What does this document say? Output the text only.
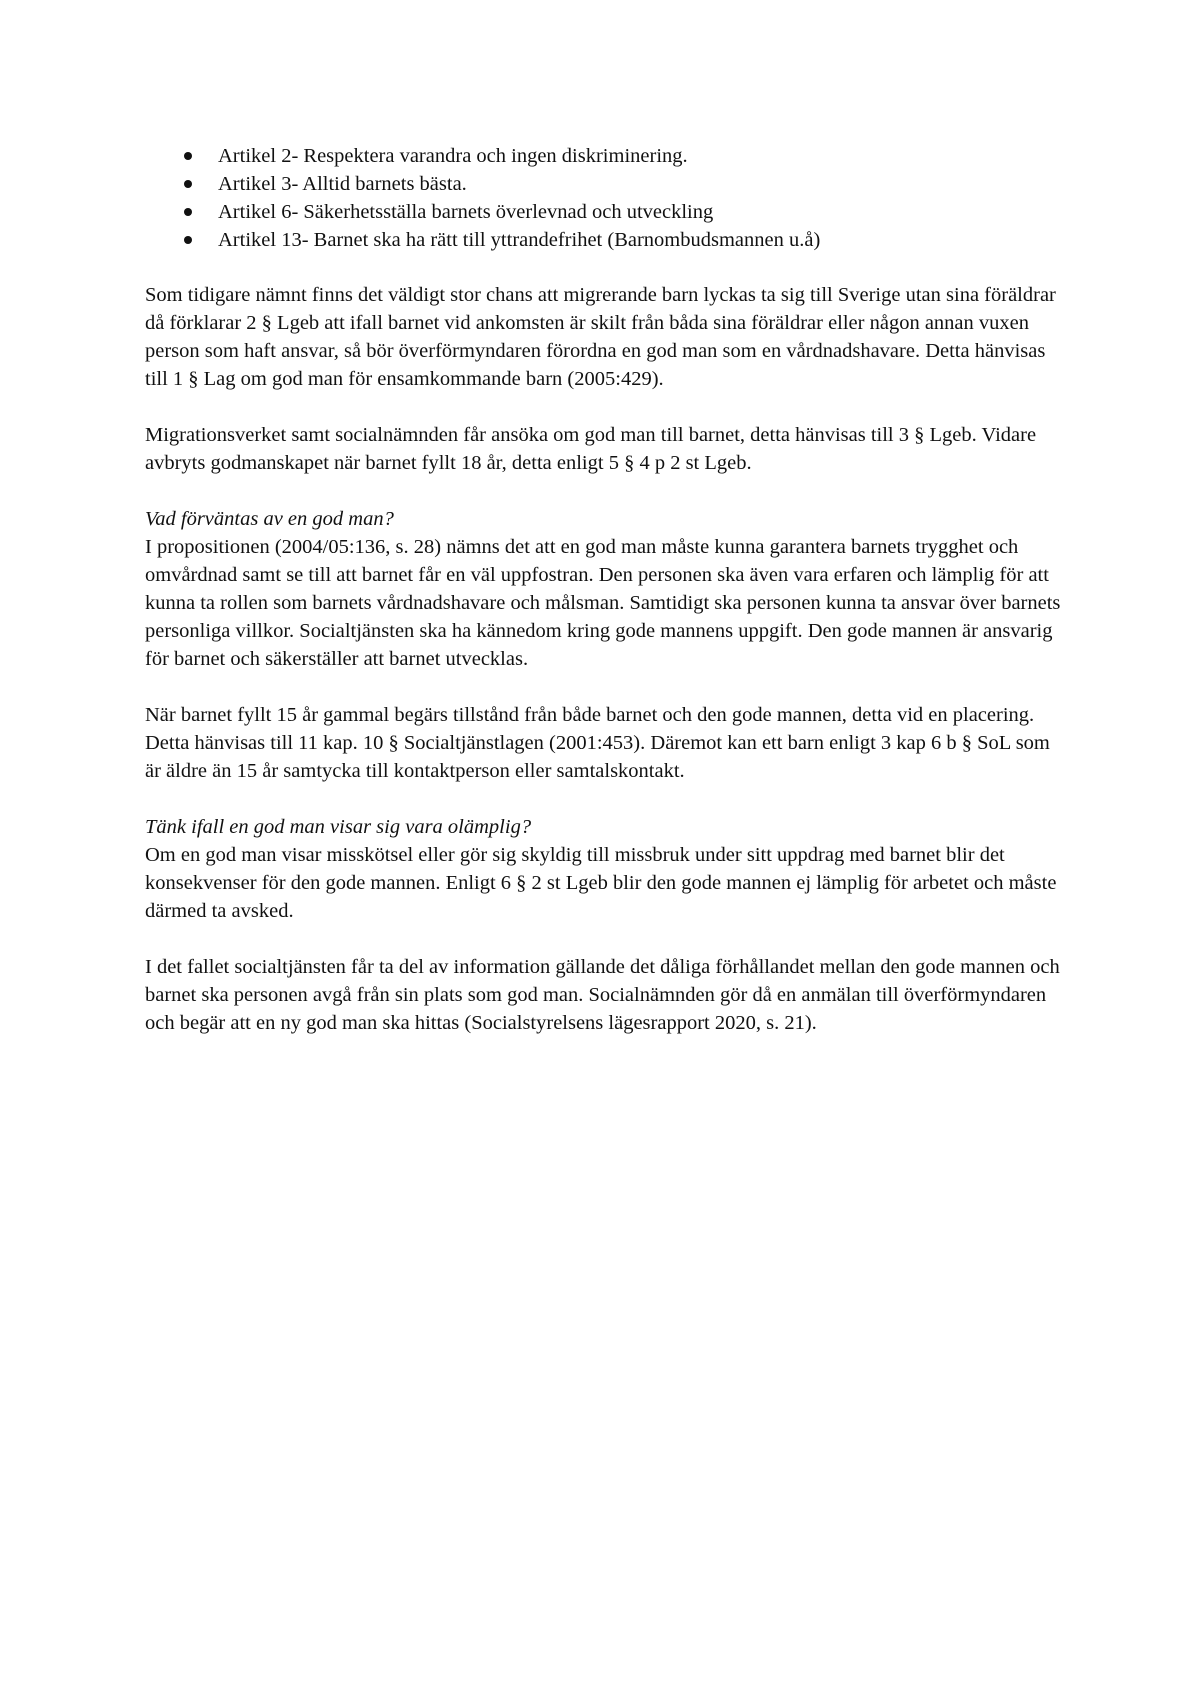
Artikel 2- Respektera varandra och ingen diskriminering.
Artikel 3- Alltid barnets bästa.
Artikel 6- Säkerhetsställa barnets överlevnad och utveckling
Artikel 13- Barnet ska ha rätt till yttrandefrihet (Barnombudsmannen u.å)

Som tidigare nämnt finns det väldigt stor chans att migrerande barn lyckas ta sig till Sverige utan sina föräldrar då förklarar 2 § Lgeb att ifall barnet vid ankomsten är skilt från båda sina föräldrar eller någon annan vuxen person som haft ansvar, så bör överförmyndaren förordna en god man som en vårdnadshavare. Detta hänvisas till 1 § Lag om god man för ensamkommande barn (2005:429).

Migrationsverket samt socialnämnden får ansöka om god man till barnet, detta hänvisas till 3 § Lgeb. Vidare avbryts godmanskapet när barnet fyllt 18 år, detta enligt 5 § 4 p 2 st Lgeb.

Vad förväntas av en god man?
I propositionen (2004/05:136, s. 28) nämns det att en god man måste kunna garantera barnets trygghet och omvårdnad samt se till att barnet får en väl uppfostran. Den personen ska även vara erfaren och lämplig för att kunna ta rollen som barnets vårdnadshavare och målsman. Samtidigt ska personen kunna ta ansvar över barnets personliga villkor. Socialtjänsten ska ha kännedom kring gode mannens uppgift. Den gode mannen är ansvarig för barnet och säkerställer att barnet utvecklas.

När barnet fyllt 15 år gammal begärs tillstånd från både barnet och den gode mannen, detta vid en placering. Detta hänvisas till 11 kap. 10 § Socialtjänstlagen (2001:453). Däremot kan ett barn enligt 3 kap 6 b § SoL som är äldre än 15 år samtycka till kontaktperson eller samtalskontakt.

Tänk ifall en god man visar sig vara olämplig?
Om en god man visar misskötsel eller gör sig skyldig till missbruk under sitt uppdrag med barnet blir det konsekvenser för den gode mannen. Enligt 6 § 2 st Lgeb blir den gode mannen ej lämplig för arbetet och måste därmed ta avsked.

I det fallet socialtjänsten får ta del av information gällande det dåliga förhållandet mellan den gode mannen och barnet ska personen avgå från sin plats som god man. Socialnämnden gör då en anmälan till överförmyndaren och begär att en ny god man ska hittas (Socialstyrelsens lägesrapport 2020, s. 21).
